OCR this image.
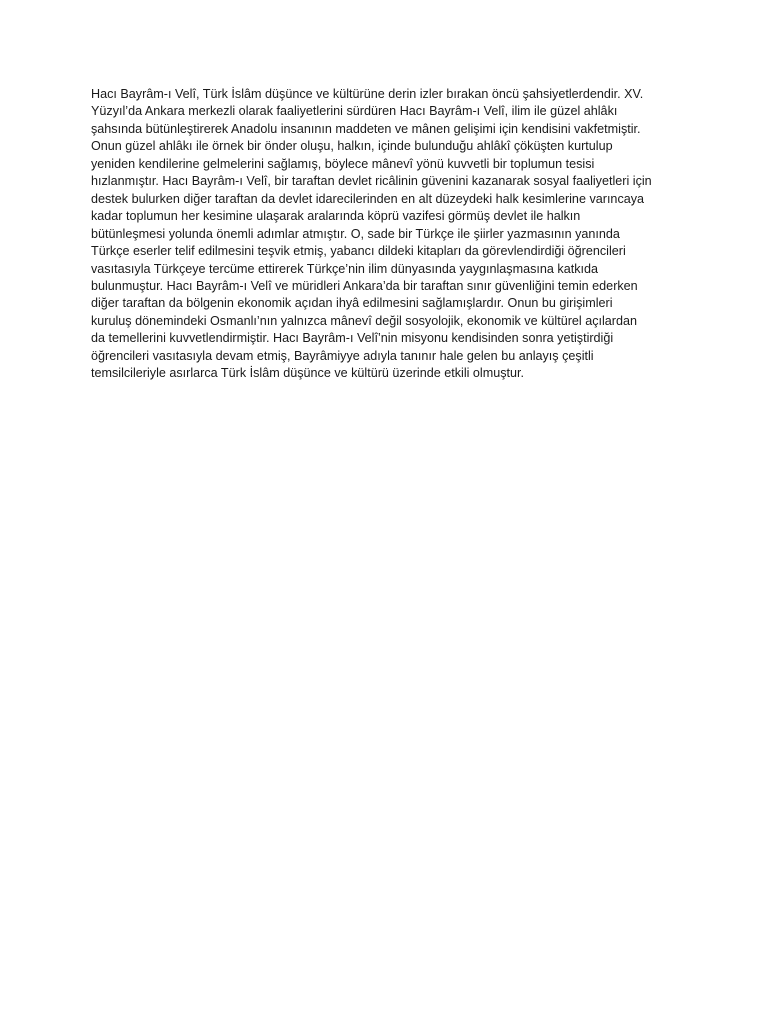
Hacı Bayrâm-ı Velî, Türk İslâm düşünce ve kültürüne derin izler bırakan öncü şahsiyetlerdendir. XV.
Yüzyıl’da Ankara merkezli olarak faaliyetlerini sürdüren Hacı Bayrâm-ı Velî, ilim ile güzel ahlâkı
şahsında bütünleştirerek Anadolu insanının maddeten ve mânen gelişimi için kendisini vakfetmiştir.
Onun güzel ahlâkı ile örnek bir önder oluşu, halkın, içinde bulunduğu ahlâkî çöküşten kurtulup
yeniden kendilerine gelmelerini sağlamış, böylece mânevî yönü kuvvetli bir toplumun tesisi
hızlanmıştır. Hacı Bayrâm-ı Velî, bir taraftan devlet ricâlinin güvenini kazanarak sosyal faaliyetleri için
destek bulurken diğer taraftan da devlet idarecilerinden en alt düzeydeki halk kesimlerine varıncaya
kadar toplumun her kesimine ulaşarak aralarında köprü vazifesi görmüş devlet ile halkın
bütünleşmesi yolunda önemli adımlar atmıştır. O, sade bir Türkçe ile şiirler yazmasının yanında
Türkçe eserler telif edilmesini teşvik etmiş, yabancı dildeki kitapları da görevlendirdiği öğrencileri
vasıtasıyla Türkçeye tercüme ettirerek Türkçe’nin ilim dünyasında yaygınlaşmasına katkıda
bulunmuştur. Hacı Bayrâm-ı Velî ve müridleri Ankara’da bir taraftan sınır güvenliğini temin ederken
diğer taraftan da bölgenin ekonomik açıdan ihyâ edilmesini sağlamışlardır. Onun bu girişimleri
kuruluş dönemindeki Osmanlı’nın yalnızca mânevî değil sosyolojik, ekonomik ve kültürel açılardan
da temellerini kuvvetlendirmiştir. Hacı Bayrâm-ı Velî’nin misyonu kendisinden sonra yetiştirdiği
öğrencileri vasıtasıyla devam etmiş, Bayrâmiyye adıyla tanınır hale gelen bu anlayış çeşitli
temsilcileriyle asırlarca Türk İslâm düşünce ve kültürü üzerinde etkili olmuştur.
